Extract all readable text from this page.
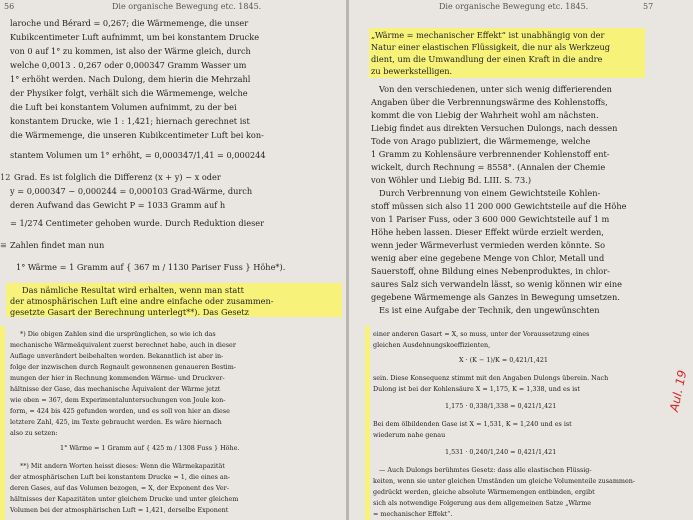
56	Die organische Bewegung etc. 1845.
laroche und Bérard = 0,267; die Wärmemenge, die unser
Kubikcentimeter Luft aufnimmt, um bei konstantem Drucke
von 0 auf 1° zu kommen, ist also der Wärme gleich, durch
welche 0,0013 . 0,267 oder 0,000347 Gramm Wasser um
1° erhöht werden. Nach Dulong, dem hierin die Mehrzahl
der Physiker folgt, verhält sich die Wärmemenge, welche
die Luft bei konstantem Volumen aufnimmt, zu der bei
konstantem Drucke, wie 1 : 1,421; hiernach gerechnet ist
die Wärmemenge, die unseren Kubikcentimeter Luft bei kon-
stantem Volumen um 1° erhöht, = 0,000347/1,41 = 0,000244
12 Grad. Es ist folglich die Differenz (x + y) − x oder
y = 0,000347 − 0,000244 = 0,000103 Grad-Wärme, durch
deren Aufwand das Gewicht P = 1033 Gramm auf h
= 1/274 Centimeter gehoben wurde. Durch Reduktion dieser
≡ Zahlen findet man nun
1° Wärme = 1 Gramm auf { 367 m / 1130 Pariser Fuss } Höhe*).
Das nämliche Resultat wird erhalten, wenn man statt
der atmosphärischen Luft eine andre einfache oder zusammen-
gesetzte Gasart der Berechnung unterlegt**). Das Gesetz
*) Die obigen Zahlen sind die ursprünglichen, so wie ich das
mechanische Wärmeäquivalent zuerst berechnet habe, auch in dieser
Auflage unverändert beibehalten worden. Bekanntlich ist aber in-
folge der inzwischen durch Regnault gewonnenen genaueren Bestim-
mungen der hier in Rechnung kommenden Wärme- und Druckver-
hältnisse der Gase, das mechanische Äquivalent der Wärme jetzt
wie oben = 367, dem Experimentaluntersuchungen von Joule kon-
form, = 424 bis 425 gefunden worden, und es soll von hier an diese
letztere Zahl, 425, im Texte gebraucht werden. Es wäre hiernach
also zu setzen:
1° Wärme = 1 Gramm auf { 425 m / 1308 Fuss } Höhe.
**) Mit andern Worten heisst dieses: Wenn die Wärmekapazität
der atmosphärischen Luft bei konstantem Drucke = 1, die eines an-
deren Gases, auf das Volumen bezogen, = X, der Exponent des Ver-
hältnisses der Kapazitäten unter gleichem Drucke und unter gleichem
Volumen bei der atmosphärischen Luft = 1,421, derselbe Exponent
Die organische Bewegung etc. 1845.	57
„Wärme = mechanischer Effekt“ ist unabhängig von der
Natur einer elastischen Flüssigkeit, die nur als Werkzeug
dient, um die Umwandlung der einen Kraft in die andre
zu bewerkstelligen.
Von den verschiedenen, unter sich wenig differierenden
Angaben über die Verbrennungswärme des Kohlenstoffs,
kommt die von Liebig der Wahrheit wohl am nächsten.
Liebig findet aus direkten Versuchen Dulongs, nach dessen
Tode von Arago publiziert, die Wärmemenge, welche
1 Gramm zu Kohlensäure verbrennender Kohlenstoff ent-
wickelt, durch Rechnung = 8558°. (Annalen der Chemie
von Wöhler und Liebig Bd. LIII. S. 73.)
Durch Verbrennung von einem Gewichtsteile Kohlen-
stoff müssen sich also 11 200 000 Gewichtsteile auf die Höhe
von 1 Pariser Fuss, oder 3 600 000 Gewichtsteile auf 1 m
Höhe heben lassen. Dieser Effekt würde erzielt werden,
wenn jeder Wärmeverlust vermieden werden könnte. So
wenig aber eine gegebene Menge von Chlor, Metall und
Sauerstoff, ohne Bildung eines Nebenproduktes, in chlor-
saures Salz sich verwandeln lässt, so wenig können wir eine
gegebene Wärmemenge als Ganzes in Bewegung umsetzen.
Es ist eine Aufgabe der Technik, den ungewünschten
einer anderen Gasart = X, so muss, unter der Voraussetzung eines
gleichen Ausdehnungskoeffizienten,
X · (K − 1)/K = 0,421/1,421
sein. Diese Konsequenz stimmt mit den Angaben Dulongs überein. Nach
Dulong ist bei der Kohlensäure X = 1,175, K = 1,338, und es ist
1,175 · 0,338/1,338 = 0,421/1,421
Bei dem ölbildenden Gase ist X = 1,531, K = 1,240 und es ist
wiederum nahe genau
1,531 · 0,240/1,240 = 0,421/1,421
— Auch Dulongs berühmtes Gesetz: dass alle elastischen Flüssig-
keiten, wenn sie unter gleichen Umständen um gleiche Volumenteile zusammen-
gedrückt werden, gleiche absolute Wärmemengen entbinden, ergibt
sich als notwendige Folgerung aus dem allgemeinen Satze „Wärme
= mechanischer Effekt“.
Aul. 19
